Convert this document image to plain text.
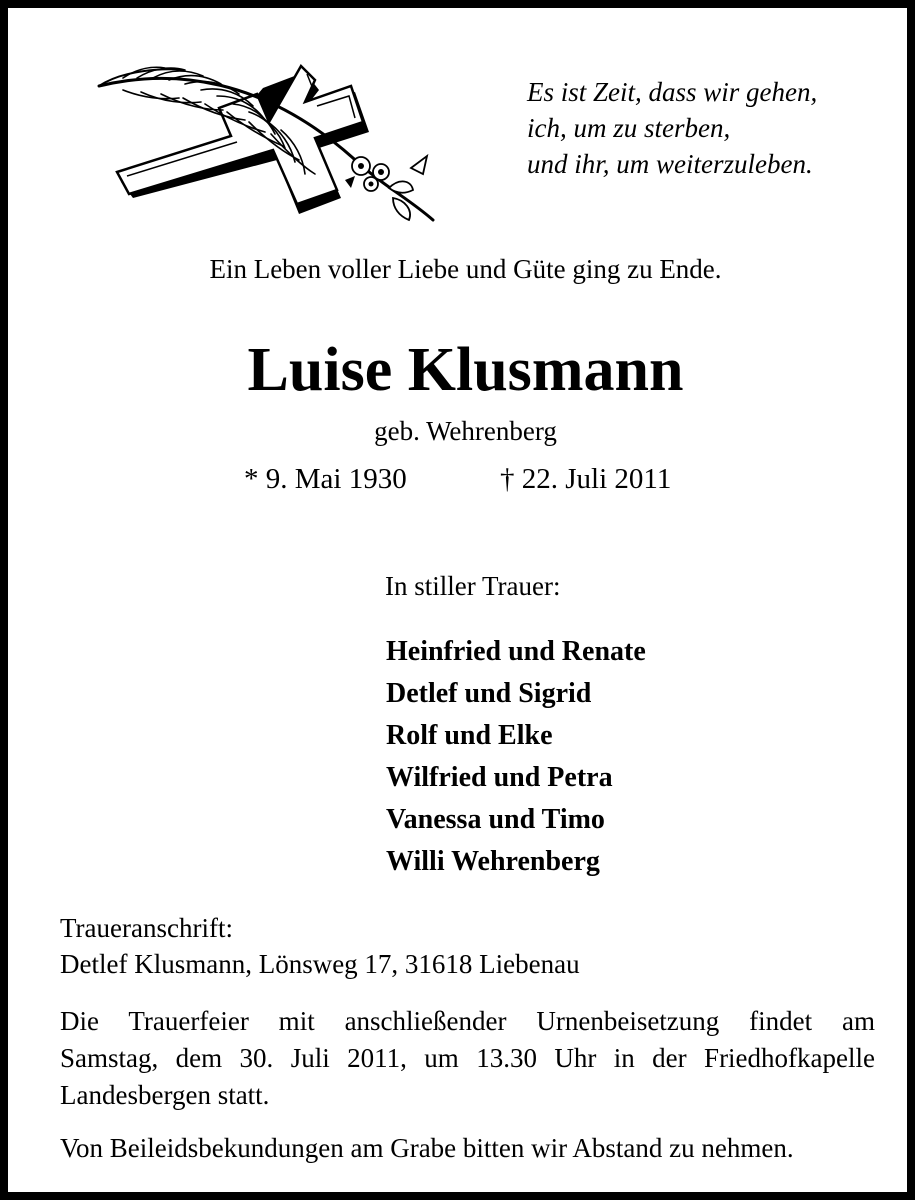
Es ist Zeit, dass wir gehen,
ich, um zu sterben,
und ihr, um weiterzuleben.

Ein Leben voller Liebe und Güte ging zu Ende.

Luise Klusmann

geb. Wehrenberg

* 9. Mai 1930	† 22. Juli 2011

In stiller Trauer:

Heinfried und Renate
Detlef und Sigrid
Rolf und Elke
Wilfried und Petra
Vanessa und Timo
Willi Wehrenberg

Traueranschrift:

Detlef Klusmann, Lönsweg 17, 31618 Liebenau

Die Trauerfeier mit anschließender Urnenbeisetzung findet am
Samstag, dem 30. Juli 2011, um 13.30 Uhr in der Friedhofkapelle
Landesbergen statt.

Von Beileidsbekundungen am Grabe bitten wir Abstand zu nehmen.
